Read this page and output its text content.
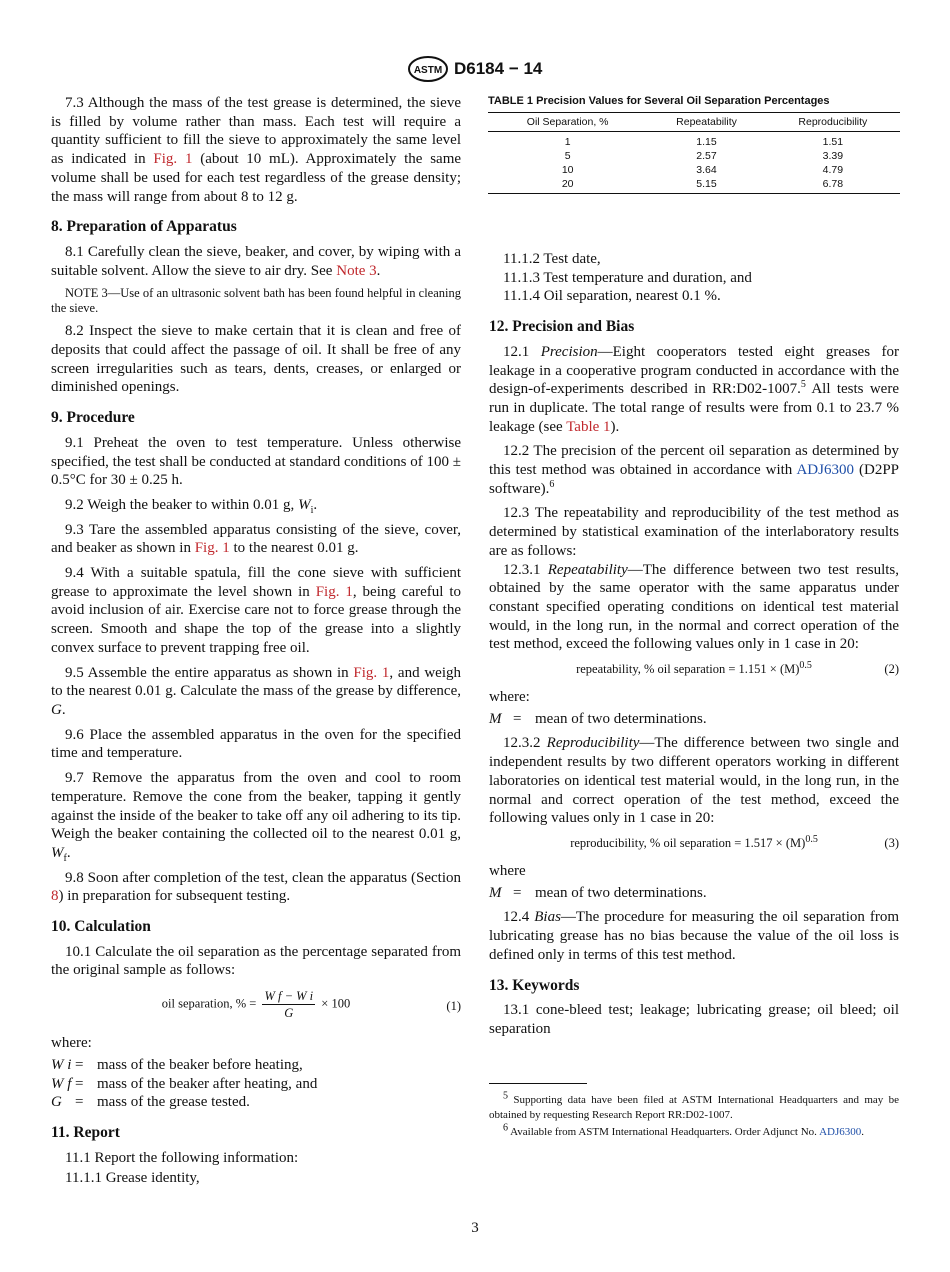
ASTM D6184 − 14
7.3 Although the mass of the test grease is determined, the sieve is filled by volume rather than mass. Each test will require a quantity sufficient to fill the sieve to approximately the same level as indicated in Fig. 1 (about 10 mL). Approximately the same volume shall be used for each test regardless of the grease density; the mass will range from about 8 to 12 g.
8. Preparation of Apparatus
8.1 Carefully clean the sieve, beaker, and cover, by wiping with a suitable solvent. Allow the sieve to air dry. See Note 3.
NOTE 3—Use of an ultrasonic solvent bath has been found helpful in cleaning the sieve.
8.2 Inspect the sieve to make certain that it is clean and free of deposits that could affect the passage of oil. It shall be free of any screen irregularities such as tears, dents, creases, or enlarged or diminished openings.
9. Procedure
9.1 Preheat the oven to test temperature. Unless otherwise specified, the test shall be conducted at standard conditions of 100 ± 0.5°C for 30 ± 0.25 h.
9.2 Weigh the beaker to within 0.01 g, $W_i$.
9.3 Tare the assembled apparatus consisting of the sieve, cover, and beaker as shown in Fig. 1 to the nearest 0.01 g.
9.4 With a suitable spatula, fill the cone sieve with sufficient grease to approximate the level shown in Fig. 1, being careful to avoid inclusion of air. Exercise care not to force grease through the screen. Smooth and shape the top of the grease into a slightly convex surface to prevent trapping free oil.
9.5 Assemble the entire apparatus as shown in Fig. 1, and weigh to the nearest 0.01 g. Calculate the mass of the grease by difference, G.
9.6 Place the assembled apparatus in the oven for the specified time and temperature.
9.7 Remove the apparatus from the oven and cool to room temperature. Remove the cone from the beaker, tapping it gently against the inside of the beaker to take off any oil adhering to its tip. Weigh the beaker containing the collected oil to the nearest 0.01 g, $W_f$.
9.8 Soon after completion of the test, clean the apparatus (Section 8) in preparation for subsequent testing.
10. Calculation
10.1 Calculate the oil separation as the percentage separated from the original sample as follows:
oil separation, % = $\frac{\text{W f − W i}}{G} \times 100$	(1)
where:
W i = mass of the beaker before heating,
W f = mass of the beaker after heating, and
G = mass of the grease tested.
11. Report
11.1 Report the following information:
11.1.1 Grease identity,
TABLE 1 Precision Values for Several Oil Separation Percentages
Oil Separation, %	Repeatability	Reproducibility
1	1.15	1.51
5	2.57	3.39
10	3.64	4.79
20	5.15	6.78
11.1.2 Test date,
11.1.3 Test temperature and duration, and
11.1.4 Oil separation, nearest 0.1 %.
12. Precision and Bias
12.1 Precision—Eight cooperators tested eight greases for leakage in a cooperative program conducted in accordance with the design-of-experiments described in RR:D02-1007.$^5$ All tests were run in duplicate. The total range of results were from 0.1 to 23.7 % leakage (see Table 1).
12.2 The precision of the percent oil separation as determined by this test method was obtained in accordance with ADJ6300 (D2PP software).$^6$
12.3 The repeatability and reproducibility of the test method as determined by statistical examination of the interlaboratory results are as follows:
12.3.1 Repeatability—The difference between two test results, obtained by the same operator with the same apparatus under constant specified operating conditions on identical test material would, in the long run, in the normal and correct operation of the test method, exceed the following values only in 1 case in 20:
repeatability, % oil separation = $1.151 \times (M)^{0.5}$	(2)
where:
M = mean of two determinations.
12.3.2 Reproducibility—The difference between two single and independent results by two different operators working in different laboratories on identical test material would, in the long run, in the normal and correct operation of the test method, exceed the following values only in 1 case in 20:
reproducibility, % oil separation = $1.517 \times (M)^{0.5}$	(3)
where
M = mean of two determinations.
12.4 Bias—The procedure for measuring the oil separation from lubricating grease has no bias because the value of the oil loss is defined only in terms of this test method.
13. Keywords
13.1 cone-bleed test; leakage; lubricating grease; oil bleed; oil separation
$^5$ Supporting data have been filed at ASTM International Headquarters and may be obtained by requesting Research Report RR:D02-1007.
$^6$ Available from ASTM International Headquarters. Order Adjunct No. ADJ6300.
3
